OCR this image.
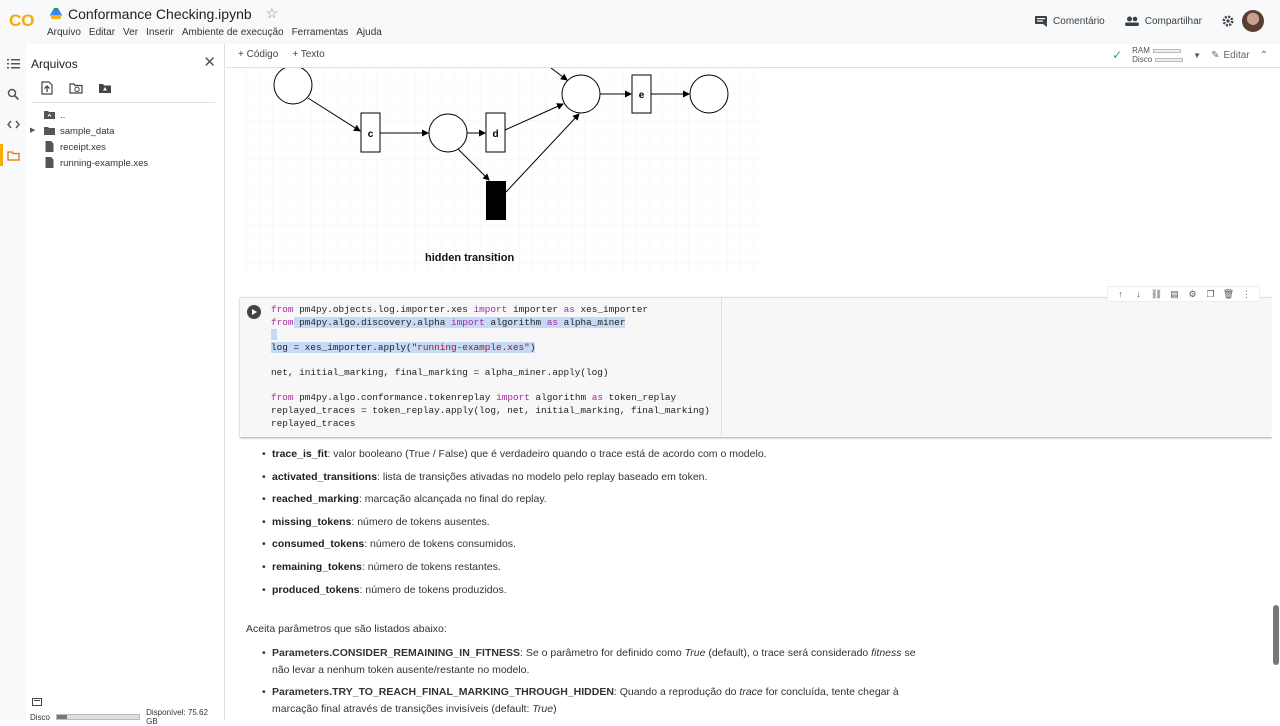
CO Conformance Checking.ipynb ☆
Arquivo Editar Ver Inserir Ambiente de execução Ferramentas Ajuda
Comentário	Compartilhar
Arquivos	✕
..
▶	sample_data
receipt.xes
running-example.xes
Disco	Disponível: 75.62 GB
+ Código + Texto	✓ RAM
Disco	▼ ✎ Editar ⌃
c	d
e
hidden transition
from pm4py.objects.log.importer.xes import importer as xes_importer
from pm4py.algo.discovery.alpha import algorithm as alpha_miner

log = xes_importer.apply("running-example.xes")
net, initial_marking, final_marking = alpha_miner.apply(log)
from pm4py.algo.conformance.tokenreplay import algorithm as token_replay
replayed_traces = token_replay.apply(log, net, initial_marking, final_marking)
replayed_traces
↑	↓	⛓ ▤ ⚙ ❐ 🗑 ⋮
• trace_is_fit: valor booleano (True / False) que é verdadeiro quando o trace está de acordo com o modelo.
• activated_transitions: lista de transições ativadas no modelo pelo replay baseado em token.
• reached_marking: marcação alcançada no final do replay.
• missing_tokens: número de tokens ausentes.
• consumed_tokens: número de tokens consumidos.
• remaining_tokens: número de tokens restantes.
• produced_tokens: número de tokens produzidos.
Aceita parâmetros que são listados abaixo:
• Parameters.CONSIDER_REMAINING_IN_FITNESS: Se o parâmetro for definido como True (default), o trace será considerado fitness se não levar a nenhum token ausente/restante no modelo.
• Parameters.TRY_TO_REACH_FINAL_MARKING_THROUGH_HIDDEN: Quando a reprodução do trace for concluída, tente chegar à marcação final através de transições invisíveis (default: True)
